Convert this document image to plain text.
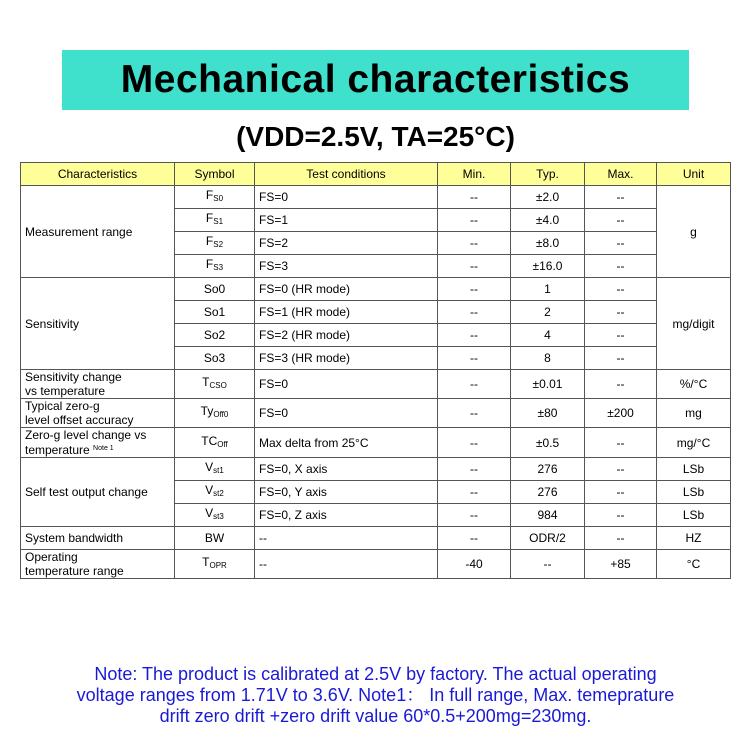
Mechanical characteristics
(VDD=2.5V, TA=25°C)
Characteristics	Symbol	Test conditions	Min.	Typ.	Max.	Unit
Measurement range	$F_{S0}$	FS=0	--	±2.0	--	g
	$F_{S1}$	FS=1	--	±4.0	--	
	$F_{S2}$	FS=2	--	±8.0	--	
	$F_{S3}$	FS=3	--	±16.0	--	
Sensitivity	So0	FS=0 (HR mode)	--	1	--	mg/digit
	So1	FS=1 (HR mode)	--	2	--	
	So2	FS=2 (HR mode)	--	4	--	
	So3	FS=3 (HR mode)	--	8	--	
Sensitivity change
vs temperature	$T_{CSO}$	FS=0	--	±0.01	--	%/°C
Typical zero-g
level offset accuracy	$Ty_{Off0}$	FS=0	--	±80	±200	mg
Zero-g level change vs
temperature $^{Note 1}$	$TC_{Off}$	Max delta from 25°C	--	±0.5	--	mg/°C
Self test output change	$V_{st1}$	FS=0, X axis	--	276	--	LSb
	$V_{st2}$	FS=0, Y axis	--	276	--	LSb
	$V_{st3}$	FS=0, Z axis	--	984	--	LSb
System bandwidth	BW	--	--	ODR/2	--	HZ
Operating
temperature range	$T_{OPR}$	--	-40	--	+85	°C
Note: The product is calibrated at 2.5V by factory. The actual operating
voltage ranges from 1.71V to 3.6V. Note1： In full range, Max. temeprature
drift zero drift +zero drift value 60*0.5+200mg=230mg.
